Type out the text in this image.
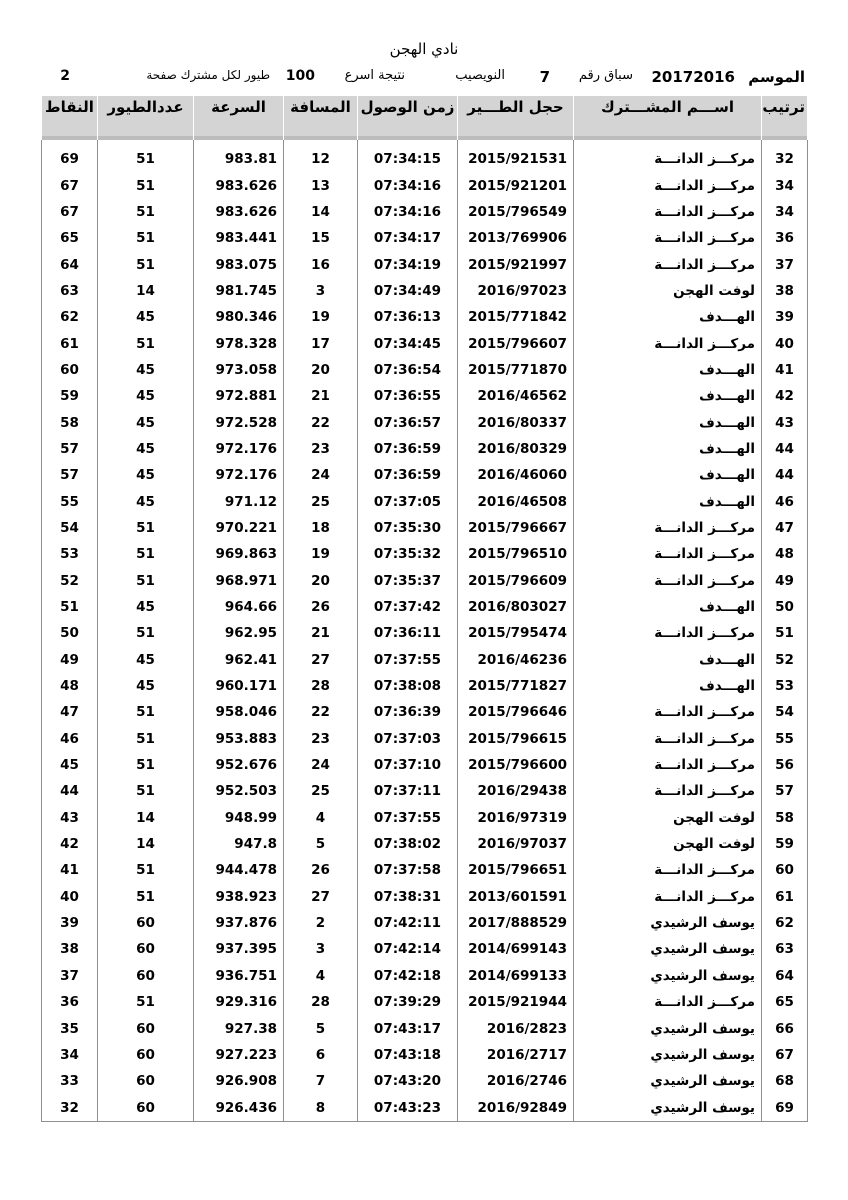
نادي الهجن
الموسم
20172016
سباق رقم
7
النويصيب
نتيجة اسرع
100
طيور لكل مشترك صفحة
2
ترتيب	اســـم المشـــترك	حجل الطـــير	زمن الوصول	المسافة	السرعة	عددالطيور	النقاط
32	مركـــز الدانـــة	2015/921531	07:34:15	12	983.81	51	69
34	مركـــز الدانـــة	2015/921201	07:34:16	13	983.626	51	67
34	مركـــز الدانـــة	2015/796549	07:34:16	14	983.626	51	67
36	مركـــز الدانـــة	2013/769906	07:34:17	15	983.441	51	65
37	مركـــز الدانـــة	2015/921997	07:34:19	16	983.075	51	64
38	لوفت الهجن	2016/97023	07:34:49	3	981.745	14	63
39	الهـــدف	2015/771842	07:36:13	19	980.346	45	62
40	مركـــز الدانـــة	2015/796607	07:34:45	17	978.328	51	61
41	الهـــدف	2015/771870	07:36:54	20	973.058	45	60
42	الهـــدف	2016/46562	07:36:55	21	972.881	45	59
43	الهـــدف	2016/80337	07:36:57	22	972.528	45	58
44	الهـــدف	2016/80329	07:36:59	23	972.176	45	57
44	الهـــدف	2016/46060	07:36:59	24	972.176	45	57
46	الهـــدف	2016/46508	07:37:05	25	971.12	45	55
47	مركـــز الدانـــة	2015/796667	07:35:30	18	970.221	51	54
48	مركـــز الدانـــة	2015/796510	07:35:32	19	969.863	51	53
49	مركـــز الدانـــة	2015/796609	07:35:37	20	968.971	51	52
50	الهـــدف	2016/803027	07:37:42	26	964.66	45	51
51	مركـــز الدانـــة	2015/795474	07:36:11	21	962.95	51	50
52	الهـــدف	2016/46236	07:37:55	27	962.41	45	49
53	الهـــدف	2015/771827	07:38:08	28	960.171	45	48
54	مركـــز الدانـــة	2015/796646	07:36:39	22	958.046	51	47
55	مركـــز الدانـــة	2015/796615	07:37:03	23	953.883	51	46
56	مركـــز الدانـــة	2015/796600	07:37:10	24	952.676	51	45
57	مركـــز الدانـــة	2016/29438	07:37:11	25	952.503	51	44
58	لوفت الهجن	2016/97319	07:37:55	4	948.99	14	43
59	لوفت الهجن	2016/97037	07:38:02	5	947.8	14	42
60	مركـــز الدانـــة	2015/796651	07:37:58	26	944.478	51	41
61	مركـــز الدانـــة	2013/601591	07:38:31	27	938.923	51	40
62	يوسف الرشيدي	2017/888529	07:42:11	2	937.876	60	39
63	يوسف الرشيدي	2014/699143	07:42:14	3	937.395	60	38
64	يوسف الرشيدي	2014/699133	07:42:18	4	936.751	60	37
65	مركـــز الدانـــة	2015/921944	07:39:29	28	929.316	51	36
66	يوسف الرشيدي	2016/2823	07:43:17	5	927.38	60	35
67	يوسف الرشيدي	2016/2717	07:43:18	6	927.223	60	34
68	يوسف الرشيدي	2016/2746	07:43:20	7	926.908	60	33
69	يوسف الرشيدي	2016/92849	07:43:23	8	926.436	60	32
